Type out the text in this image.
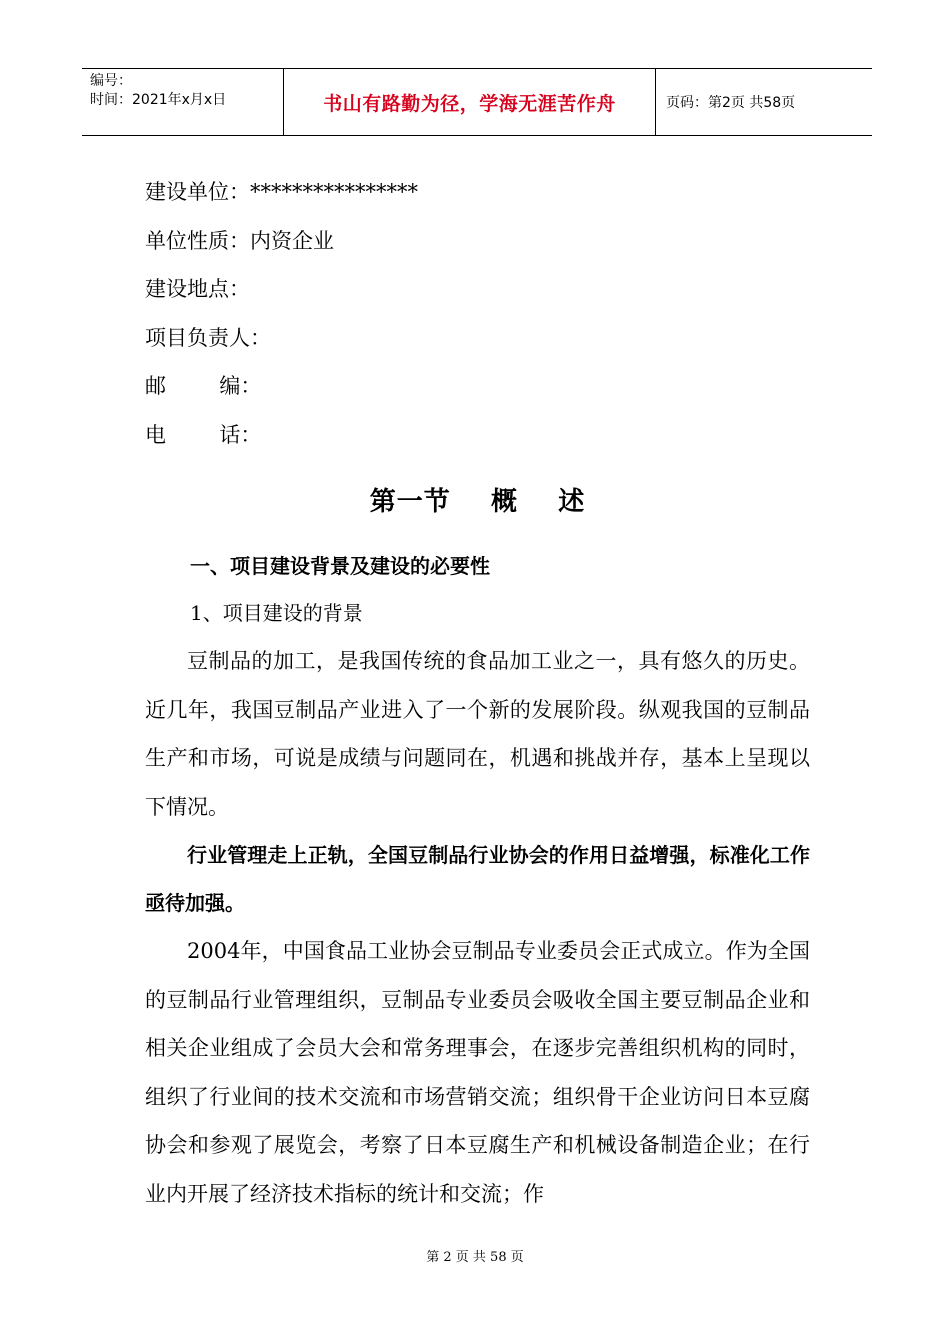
编号：
时间：2021年x月x日	书山有路勤为径，学海无涯苦作舟	页码：第2页 共58页
建设单位：****************
单位性质：内资企业
建设地点：
项目负责人：
邮        编：
电        话：
第一节    概    述
一、项目建设背景及建设的必要性
1、项目建设的背景

豆制品的加工，是我国传统的食品加工业之一，具有悠久的历史。近几年，我国豆制品产业进入了一个新的发展阶段。纵观我国的豆制品生产和市场，可说是成绩与问题同在，机遇和挑战并存，基本上呈现以下情况。

行业管理走上正轨，全国豆制品行业协会的作用日益增强，标准化工作亟待加强。

2004年，中国食品工业协会豆制品专业委员会正式成立。作为全国的豆制品行业管理组织，豆制品专业委员会吸收全国主要豆制品企业和相关企业组成了会员大会和常务理事会，在逐步完善组织机构的同时，组织了行业间的技术交流和市场营销交流；组织骨干企业访问日本豆腐协会和参观了展览会，考察了日本豆腐生产和机械设备制造企业；在行业内开展了经济技术指标的统计和交流；作

第 2 页 共 58 页
